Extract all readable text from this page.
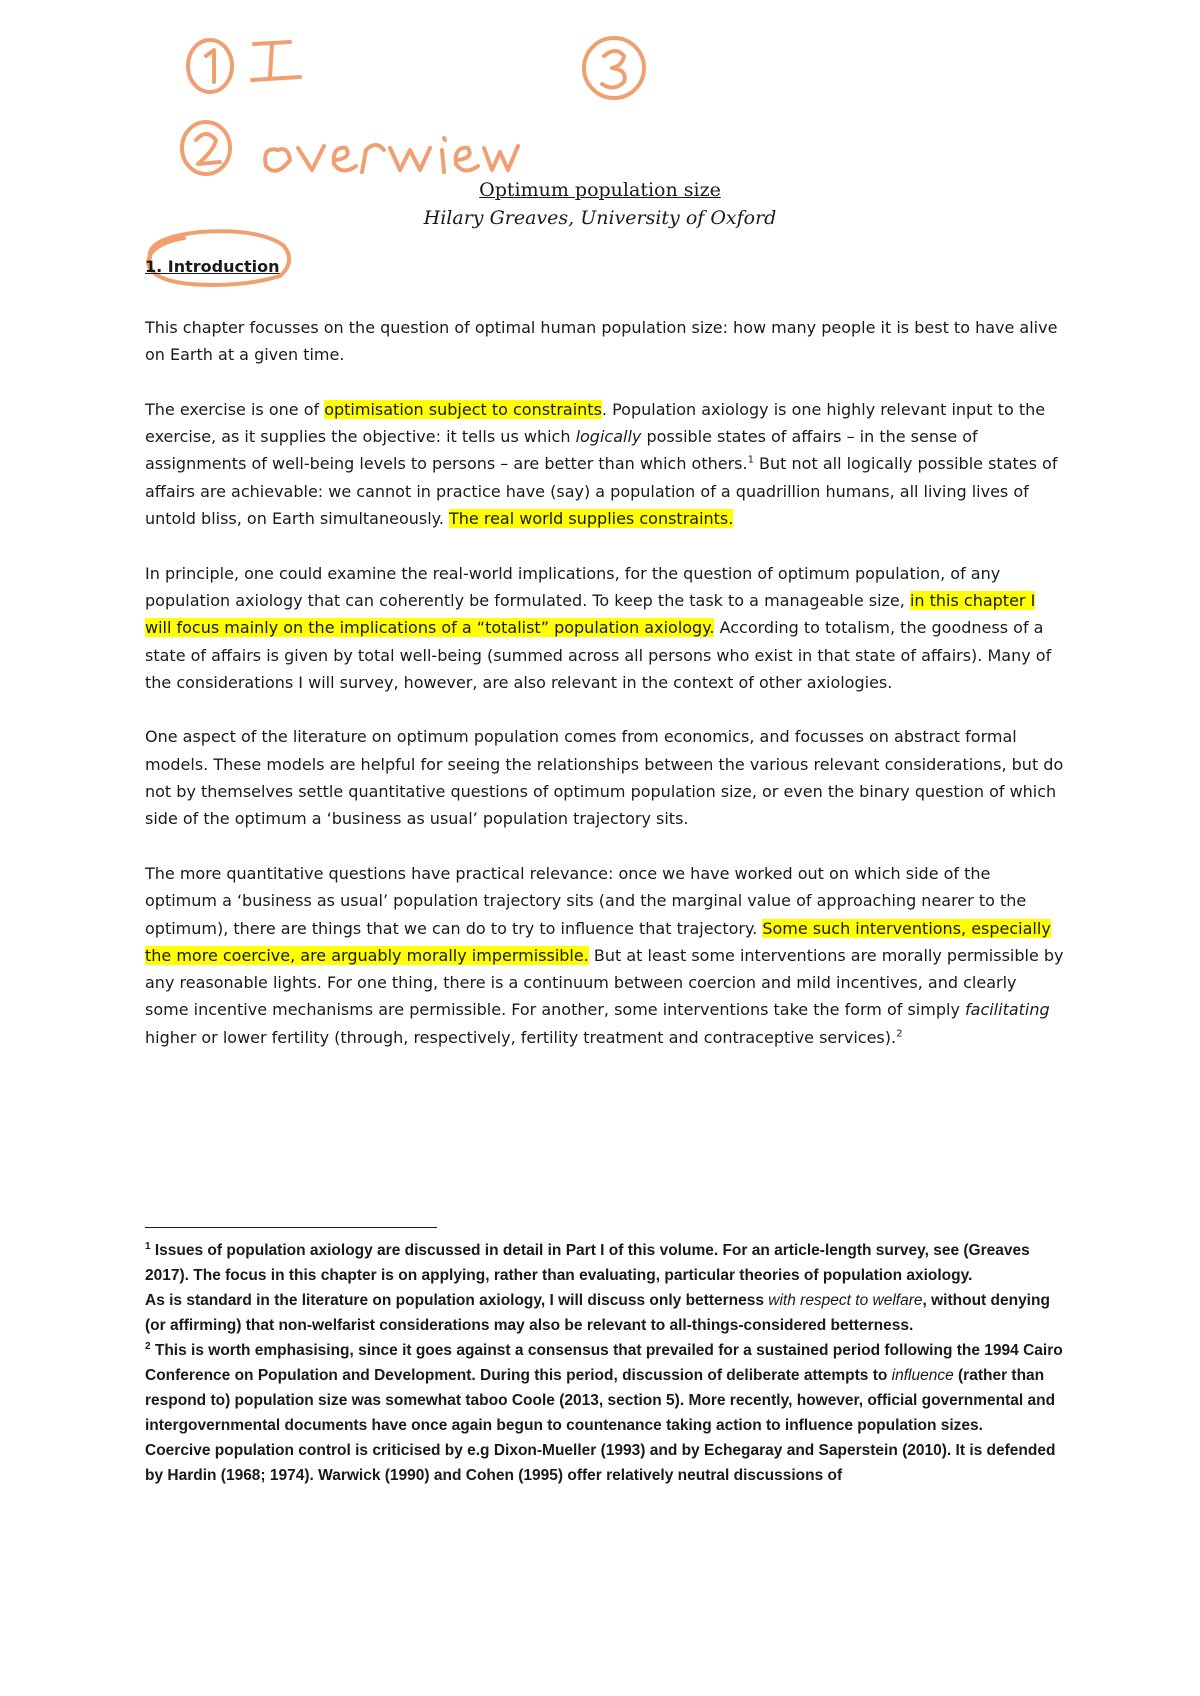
I
Optimum population size
Hilary Greaves, University of Oxford
1. Introduction

This chapter focusses on the question of optimal human population size: how many people it is best to have alive on Earth at a given time.

The exercise is one of optimisation subject to constraints. Population axiology is one highly relevant input to the exercise, as it supplies the objective: it tells us which logically possible states of affairs – in the sense of assignments of well-being levels to persons – are better than which others.$^1$ But not all logically possible states of affairs are achievable: we cannot in practice have (say) a population of a quadrillion humans, all living lives of untold bliss, on Earth simultaneously. The real world supplies constraints.

In principle, one could examine the real-world implications, for the question of optimum population, of any population axiology that can coherently be formulated. To keep the task to a manageable size, in this chapter I will focus mainly on the implications of a “totalist” population axiology. According to totalism, the goodness of a state of affairs is given by total well-being (summed across all persons who exist in that state of affairs). Many of the considerations I will survey, however, are also relevant in the context of other axiologies.

One aspect of the literature on optimum population comes from economics, and focusses on abstract formal models. These models are helpful for seeing the relationships between the various relevant considerations, but do not by themselves settle quantitative questions of optimum population size, or even the binary question of which side of the optimum a ‘business as usual’ population trajectory sits.

The more quantitative questions have practical relevance: once we have worked out on which side of the optimum a ‘business as usual’ population trajectory sits (and the marginal value of approaching nearer to the optimum), there are things that we can do to try to influence that trajectory. Some such interventions, especially the more coercive, are arguably morally impermissible. But at least some interventions are morally permissible by any reasonable lights. For one thing, there is a continuum between coercion and mild incentives, and clearly some incentive mechanisms are permissible. For another, some interventions take the form of simply facilitating higher or lower fertility (through, respectively, fertility treatment and contraceptive services).$^2$

$^1$ Issues of population axiology are discussed in detail in Part I of this volume. For an article-length survey, see (Greaves 2017). The focus in this chapter is on applying, rather than evaluating, particular theories of population axiology.

As is standard in the literature on population axiology, I will discuss only betterness with respect to welfare, without denying (or affirming) that non-welfarist considerations may also be relevant to all-things-considered betterness.

$^2$ This is worth emphasising, since it goes against a consensus that prevailed for a sustained period following the 1994 Cairo Conference on Population and Development. During this period, discussion of deliberate attempts to influence (rather than respond to) population size was somewhat taboo Coole (2013, section 5). More recently, however, official governmental and intergovernmental documents have once again begun to countenance taking action to influence population sizes.

Coercive population control is criticised by e.g Dixon-Mueller (1993) and by Echegaray and Saperstein (2010). It is defended by Hardin (1968; 1974). Warwick (1990) and Cohen (1995) offer relatively neutral discussions of
